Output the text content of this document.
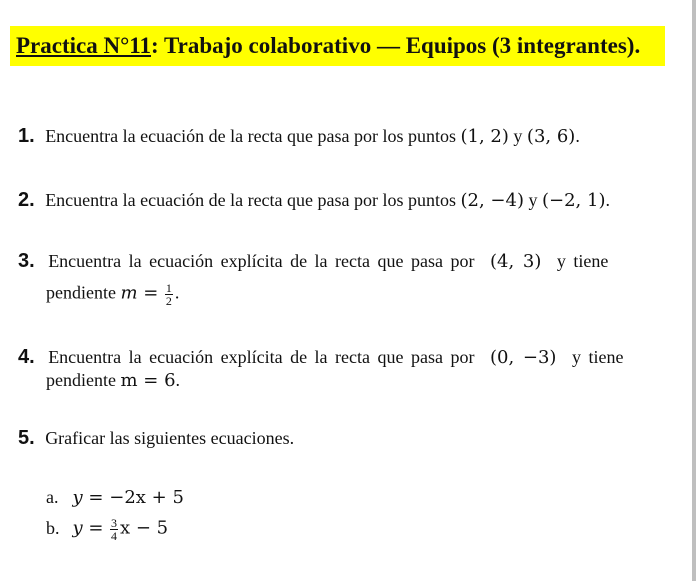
Practica N°11: Trabajo colaborativo — Equipos (3 integrantes).
1. Encuentra la ecuación de la recta que pasa por los puntos (1, 2) y (3, 6).
2. Encuentra la ecuación de la recta que pasa por los puntos (2, −4) y (−2, 1).
3. Encuentra la ecuación explícita de la recta que pasa por (4, 3) y tiene
pendiente $m = \frac{1}{2}$ .
4. Encuentra la ecuación explícita de la recta que pasa por (0, −3) y tiene
pendiente m = 6.
5. Graficar las siguientes ecuaciones.
a. y = −2x + 5
b. $y = \frac{3}{4}$ x − 5
